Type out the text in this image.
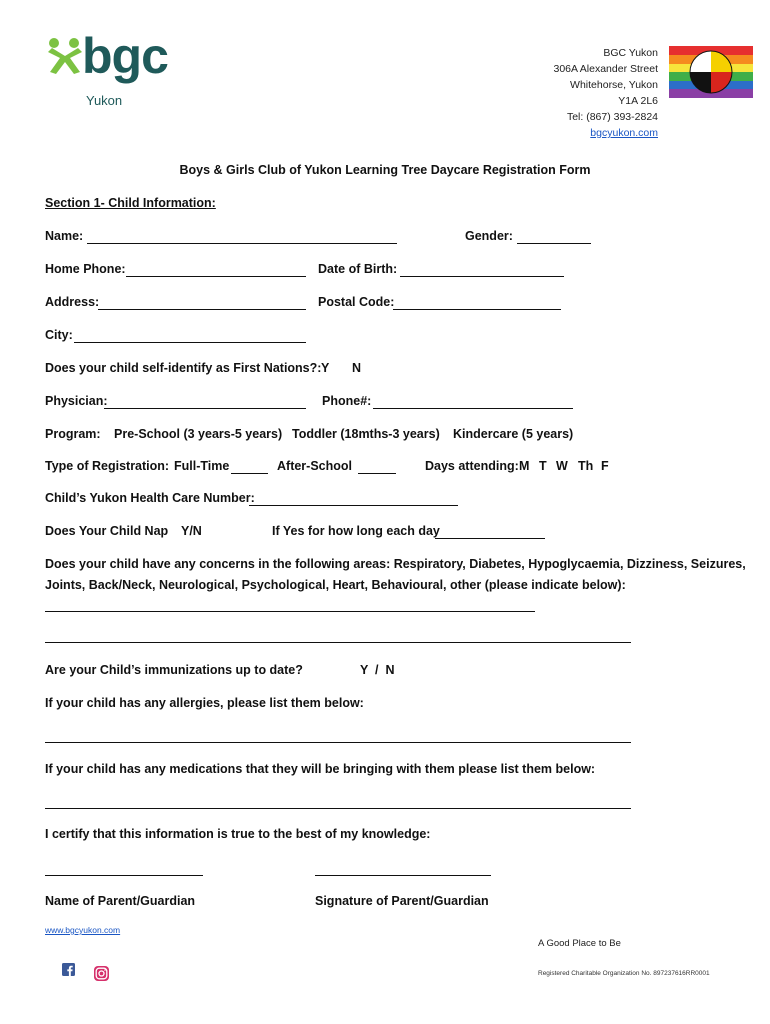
bgc
Yukon
BGC Yukon
306A Alexander Street
Whitehorse, Yukon
Y1A 2L6
Tel: (867) 393-2824
bgcyukon.com
Boys & Girls Club of Yukon Learning Tree Daycare Registration Form
Section 1- Child Information:
Name:	Gender:
Home Phone:	Date of Birth:
Address:	Postal Code:
City:
Does your child self-identify as First Nations?: Y N
Physician:	Phone#:
Program: Pre-School (3 years-5 years) Toddler (18mths-3 years) Kindercare (5 years)
Type of Registration: Full-Time	After-School	Days attending: M T W Th F
Child’s Yukon Health Care Number:
Does Your Child Nap Y/N	If Yes for how long each day
Does your child have any concerns in the following areas: Respiratory, Diabetes, Hypoglycaemia, Dizziness, Seizures,
Joints, Back/Neck, Neurological, Psychological, Heart, Behavioural, other (please indicate below):
Are your Child’s immunizations up to date?	Y  /  N
If your child has any allergies, please list them below:
If your child has any medications that they will be bringing with them please list them below:
I certify that this information is true to the best of my knowledge:
Name of Parent/Guardian	Signature of Parent/Guardian
www.bgcyukon.com
A Good Place to Be
Registered Charitable Organization No. 897237616RR0001
